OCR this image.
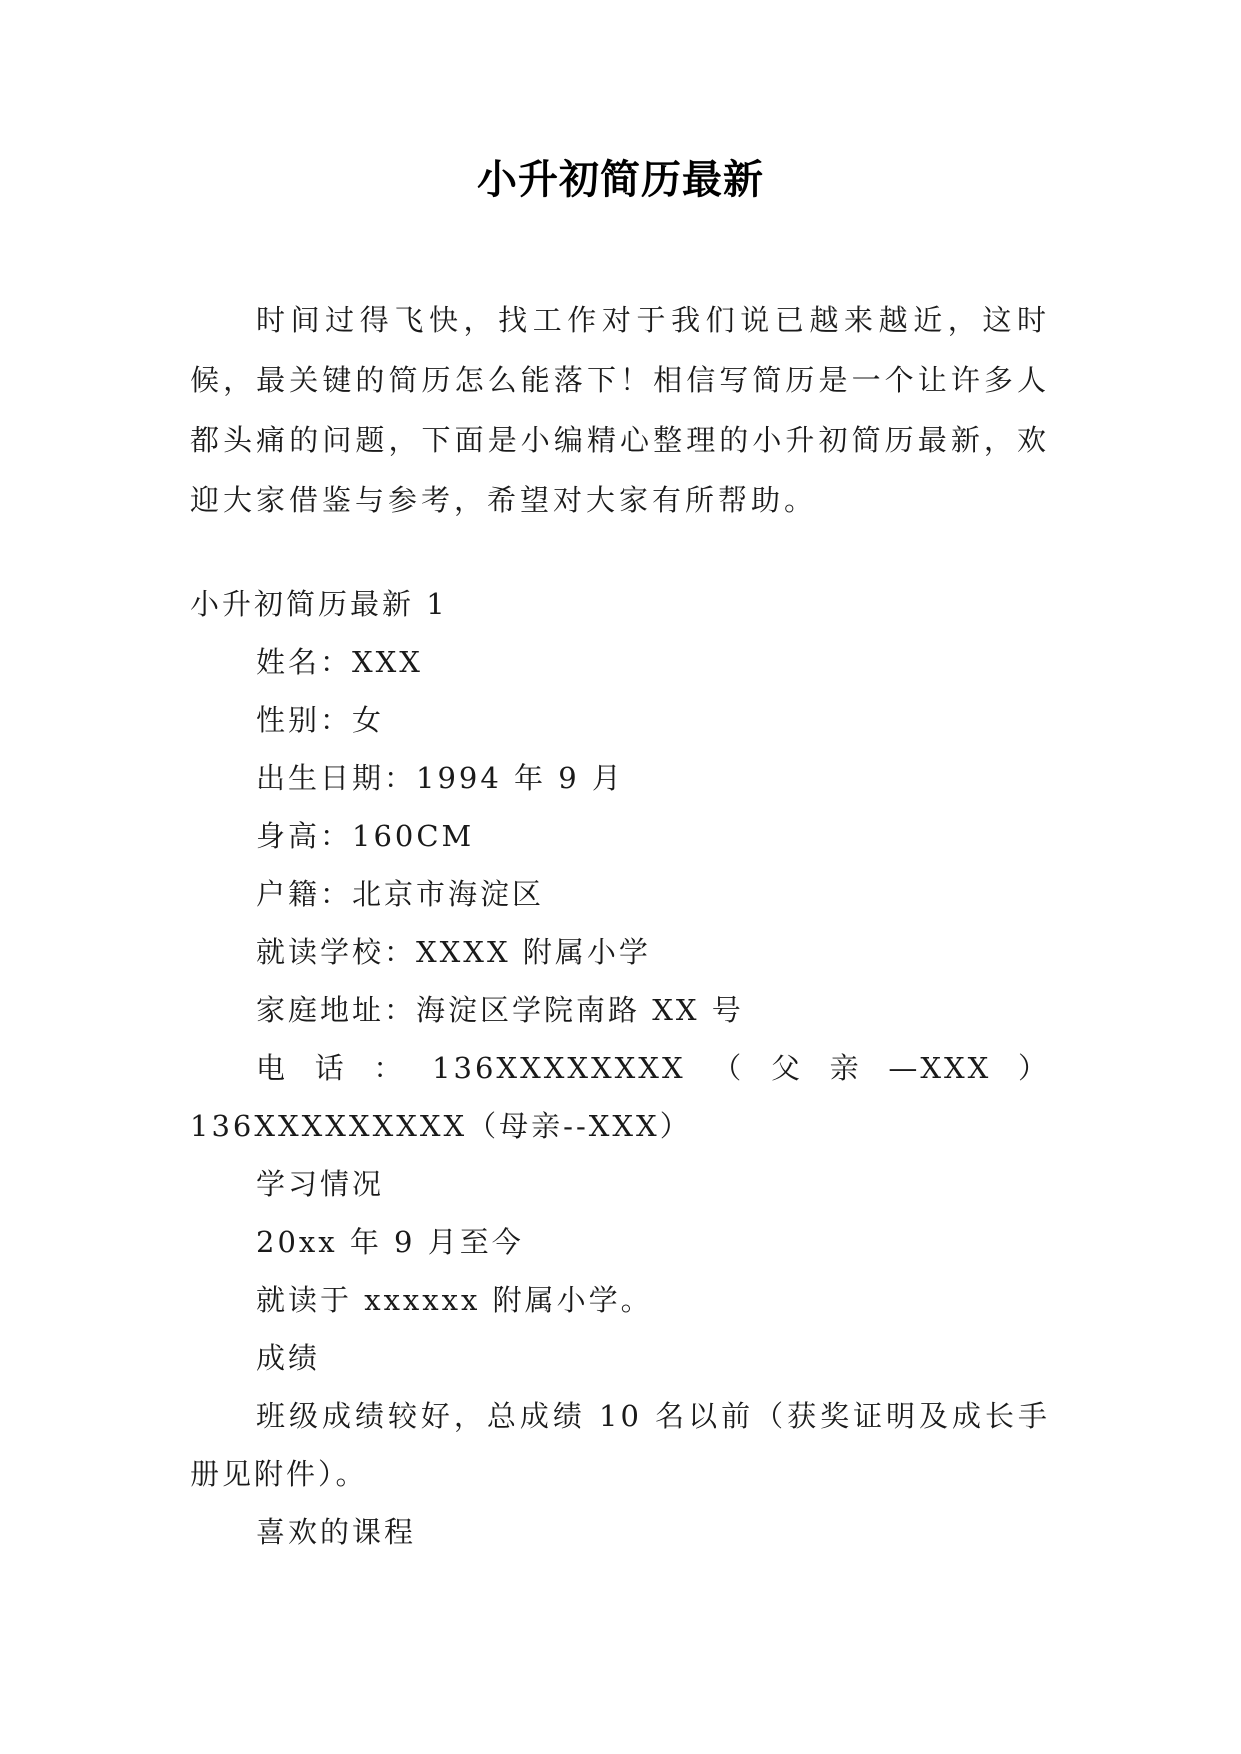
小升初简历最新

时间过得飞快，找工作对于我们说已越来越近，这时候，最关键的简历怎么能落下！相信写简历是一个让许多人都头痛的问题，下面是小编精心整理的小升初简历最新，欢迎大家借鉴与参考，希望对大家有所帮助。

小升初简历最新 1

姓名：XXX

性别：女

出生日期：1994 年 9 月

身高：160CM

户籍：北京市海淀区

就读学校：XXXX 附属小学

家庭地址：海淀区学院南路 XX 号

电话：136XXXXXXXX（父亲—XXX）136XXXXXXXXX（母亲--XXX）

学习情况

20xx 年 9 月至今

就读于 xxxxxx 附属小学。

成绩

班级成绩较好，总成绩 10 名以前（获奖证明及成长手册见附件）。

喜欢的课程
